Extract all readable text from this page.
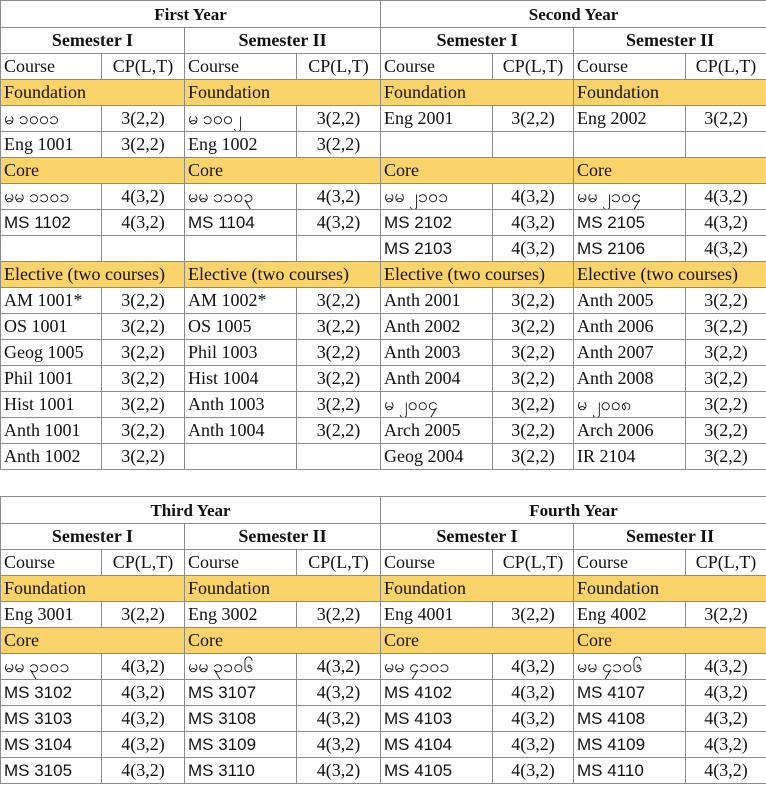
First Year				Second Year			
Semester I		Semester II		Semester I		Semester II	
Course	CP(L,T)	Course	CP(L,T)	Course	CP(L,T)	Course	CP(L,T)
Foundation		Foundation		Foundation		Foundation	
မ ၁၀၀၁	3(2,2)	မ ၁၀၀၂	3(2,2)	Eng 2001	3(2,2)	Eng 2002	3(2,2)
Eng 1001	3(2,2)	Eng 1002	3(2,2)				
Core		Core		Core		Core	
မမ ၁၁၀၁	4(3,2)	မမ ၁၁၀၃	4(3,2)	မမ ၂၁၀၁	4(3,2)	မမ ၂၁၀၄	4(3,2)
MS 1102	4(3,2)	MS 1104	4(3,2)	MS 2102	4(3,2)	MS 2105	4(3,2)
				MS 2103	4(3,2)	MS 2106	4(3,2)
Elective (two courses)		Elective (two courses)		Elective (two courses)		Elective (two courses)	
AM 1001*	3(2,2)	AM 1002*	3(2,2)	Anth 2001	3(2,2)	Anth 2005	3(2,2)
OS 1001	3(2,2)	OS 1005	3(2,2)	Anth 2002	3(2,2)	Anth 2006	3(2,2)
Geog 1005	3(2,2)	Phil 1003	3(2,2)	Anth 2003	3(2,2)	Anth 2007	3(2,2)
Phil 1001	3(2,2)	Hist 1004	3(2,2)	Anth 2004	3(2,2)	Anth 2008	3(2,2)
Hist 1001	3(2,2)	Anth 1003	3(2,2)	မ ၂၀၀၄	3(2,2)	မ ၂၀၀၈	3(2,2)
Anth 1001	3(2,2)	Anth 1004	3(2,2)	Arch 2005	3(2,2)	Arch 2006	3(2,2)
Anth 1002	3(2,2)			Geog 2004	3(2,2)	IR 2104	3(2,2)
Third Year				Fourth Year			
Semester I		Semester II		Semester I		Semester II	
Course	CP(L,T)	Course	CP(L,T)	Course	CP(L,T)	Course	CP(L,T)
Foundation		Foundation		Foundation		Foundation	
Eng 3001	3(2,2)	Eng 3002	3(2,2)	Eng 4001	3(2,2)	Eng 4002	3(2,2)
Core		Core		Core		Core	
မမ ၃၁၀၁	4(3,2)	မမ ၃၁၀၆	4(3,2)	မမ ၄၁၀၁	4(3,2)	မမ ၄၁၀၆	4(3,2)
MS 3102	4(3,2)	MS 3107	4(3,2)	MS 4102	4(3,2)	MS 4107	4(3,2)
MS 3103	4(3,2)	MS 3108	4(3,2)	MS 4103	4(3,2)	MS 4108	4(3,2)
MS 3104	4(3,2)	MS 3109	4(3,2)	MS 4104	4(3,2)	MS 4109	4(3,2)
MS 3105	4(3,2)	MS 3110	4(3,2)	MS 4105	4(3,2)	MS 4110	4(3,2)
